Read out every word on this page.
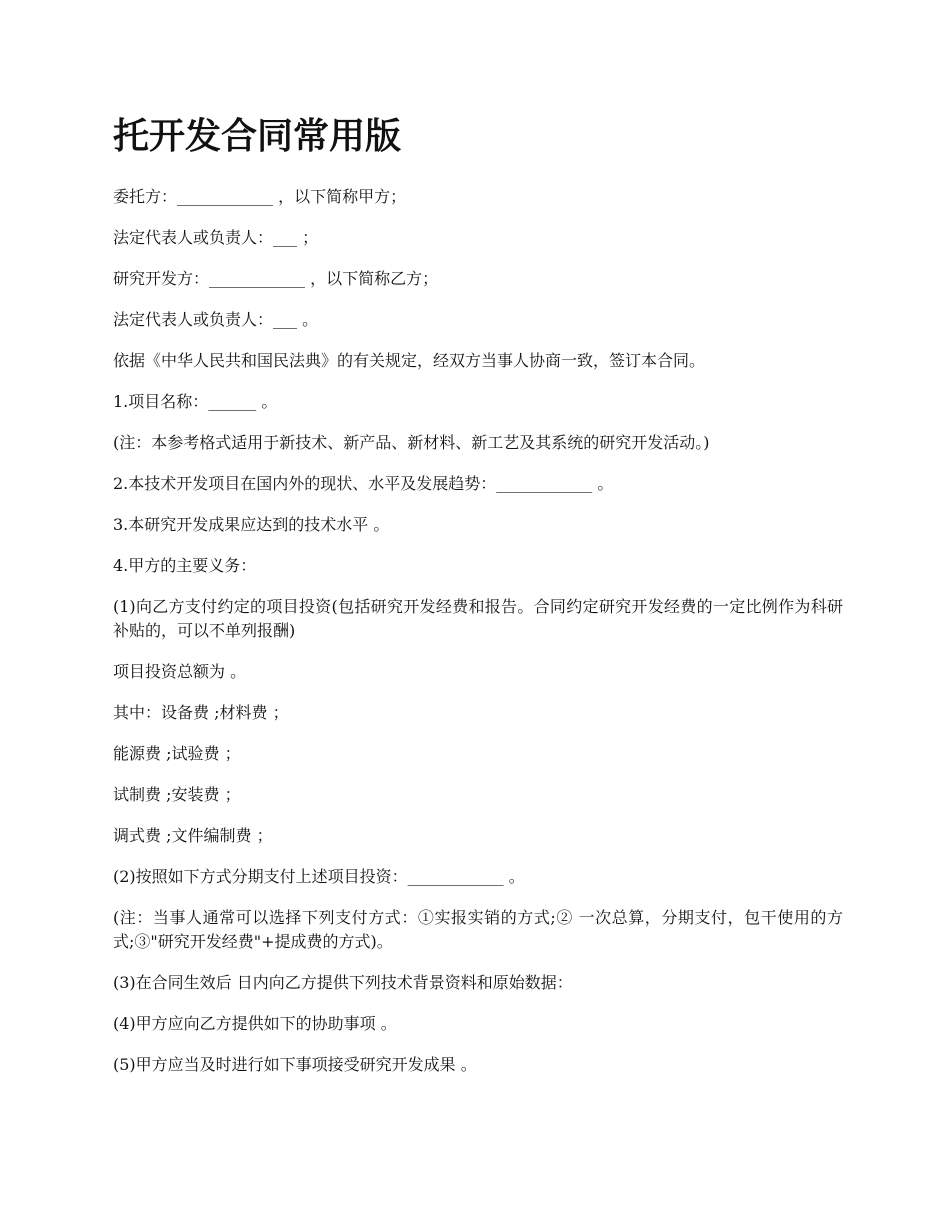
托开发合同常用版

委托方：____________ ，以下简称甲方；

法定代表人或负责人：___ ；

研究开发方：____________ ，以下简称乙方；

法定代表人或负责人：___ 。

依据《中华人民共和国民法典》的有关规定，经双方当事人协商一致，签订本合同。

1.项目名称：______ 。

(注：本参考格式适用于新技术、新产品、新材料、新工艺及其系统的研究开发活动。)

2.本技术开发项目在国内外的现状、水平及发展趋势：____________ 。

3.本研究开发成果应达到的技术水平 。

4.甲方的主要义务：

(1)向乙方支付约定的项目投资(包括研究开发经费和报告。合同约定研究开发经费的一定比例作为科研补贴的，可以不单列报酬)

项目投资总额为 。

其中：设备费 ;材料费 ；

能源费 ;试验费 ；

试制费 ;安装费 ；

调式费 ;文件编制费 ；

(2)按照如下方式分期支付上述项目投资：____________ 。

(注：当事人通常可以选择下列支付方式：①实报实销的方式;② 一次总算，分期支付，包干使用的方式;③"研究开发经费"+提成费的方式)。

(3)在合同生效后 日内向乙方提供下列技术背景资料和原始数据：

(4)甲方应向乙方提供如下的协助事项 。

(5)甲方应当及时进行如下事项接受研究开发成果 。
